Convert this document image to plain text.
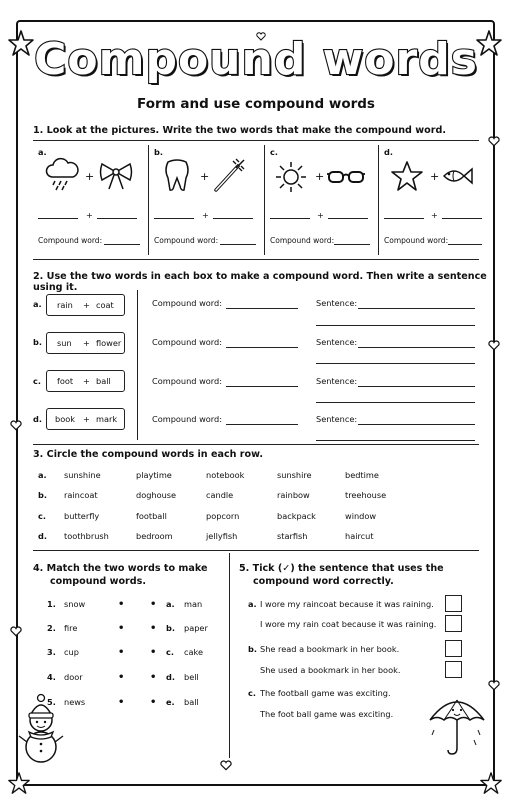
Compound words
Form and use compound words
1. Look at the pictures. Write the two words that make the compound word.
a.
+
+
Compound word:
b.
+
+
Compound word:
c.
+
+
Compound word:
d.
+
+
Compound word:
2. Use the two words in each box to make a compound word. Then write a sentence using it.
a. rain + coat	Compound word:	Sentence:
b. sun + flower	Compound word:	Sentence:
c. foot + ball	Compound word:	Sentence:
d. book + mark	Compound word:	Sentence:
3. Circle the compound words in each row.
a. sunshine	playtime	notebook	sunshire	bedtime
b. raincoat	doghouse	candle	rainbow	treehouse
c. butterfly	football	popcorn	backpack	window
d. toothbrush	bedroom	jellyfish	starfish	haircut
4. Match the two words to make
compound words.
1. snow	•	• a. man
2. fire	•	• b. paper
3. cup	•	• c. cake
4. door	•	• d. bell
5. news	•	• e. ball
5. Tick (✓) the sentence that uses the
compound word correctly.
a. I wore my raincoat because it was raining.
I wore my rain coat because it was raining.
b. She read a bookmark in her book.
She used a bookmark in her book.
c. The football game was exciting.
The foot ball game was exciting.
